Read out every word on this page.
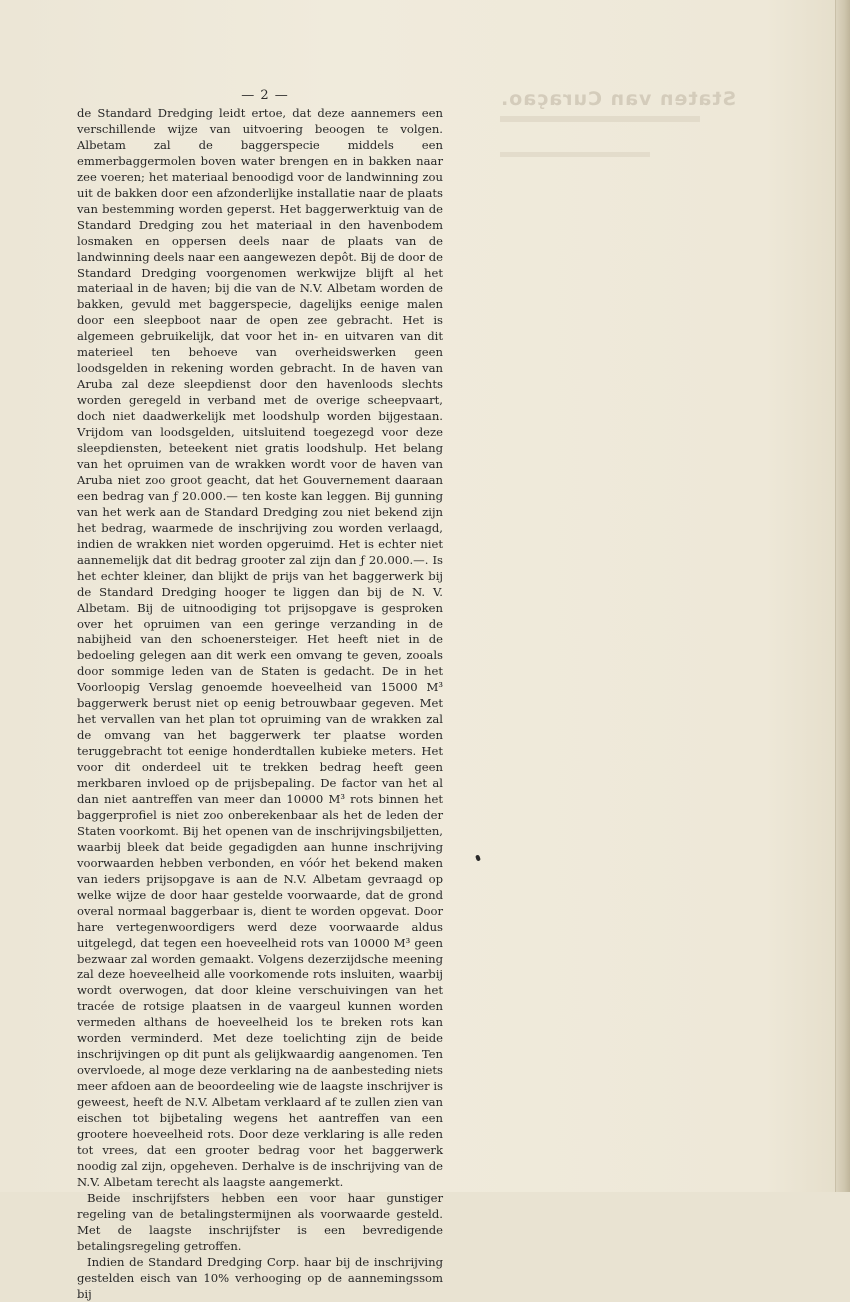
Staten van Curaçao.
— 2 —

de Standard Dredging leidt ertoe, dat deze aannemers een verschillende wijze van uitvoering beoogen te volgen. Albetam zal de baggerspecie middels een emmerbaggermolen boven water brengen en in bakken naar zee voeren; het materiaal benoodigd voor de landwinning zou uit de bakken door een afzonderlijke installatie naar de plaats van bestemming worden geperst. Het baggerwerktuig van de Standard Dredging zou het materiaal in den havenbodem losmaken en oppersen deels naar de plaats van de landwinning deels naar een aangewezen depôt. Bij de door de Standard Dredging voorgenomen werkwijze blijft al het materiaal in de haven; bij die van de N.V. Albetam worden de bakken, gevuld met baggerspecie, dagelijks eenige malen door een sleepboot naar de open zee gebracht. Het is algemeen gebruikelijk, dat voor het in- en uitvaren van dit materieel ten behoeve van overheidswerken geen loodsgelden in rekening worden gebracht. In de haven van Aruba zal deze sleepdienst door den havenloods slechts worden geregeld in verband met de overige scheepvaart, doch niet daadwerkelijk met loodshulp worden bijgestaan. Vrijdom van loodsgelden, uitsluitend toegezegd voor deze sleepdiensten, beteekent niet gratis loodshulp. Het belang van het opruimen van de wrakken wordt voor de haven van Aruba niet zoo groot geacht, dat het Gouvernement daaraan een bedrag van ƒ 20.000.— ten koste kan leggen. Bij gunning van het werk aan de Standard Dredging zou niet bekend zijn het bedrag, waarmede de inschrijving zou worden verlaagd, indien de wrakken niet worden opgeruimd. Het is echter niet aannemelijk dat dit bedrag grooter zal zijn dan ƒ 20.000.—. Is het echter kleiner, dan blijkt de prijs van het baggerwerk bij de Standard Dredging hooger te liggen dan bij de N. V. Albetam. Bij de uitnoodiging tot prijsopgave is gesproken over het opruimen van een geringe verzanding in de nabijheid van den schoenersteiger. Het heeft niet in de bedoeling gelegen aan dit werk een omvang te geven, zooals door sommige leden van de Staten is gedacht. De in het Voorloopig Verslag genoemde hoeveelheid van 15000 M³ baggerwerk berust niet op eenig betrouwbaar gegeven. Met het vervallen van het plan tot opruiming van de wrakken zal de omvang van het baggerwerk ter plaatse worden teruggebracht tot eenige honderdtallen kubieke meters. Het voor dit onderdeel uit te trekken bedrag heeft geen merkbaren invloed op de prijsbepaling. De factor van het al dan niet aantreffen van meer dan 10000 M³ rots binnen het baggerprofiel is niet zoo onberekenbaar als het de leden der Staten voorkomt. Bij het openen van de inschrijvingsbiljetten, waarbij bleek dat beide gegadigden aan hunne inschrijving voorwaarden hebben verbonden, en vóór het bekend maken van ieders prijsopgave is aan de N.V. Albetam gevraagd op welke wijze de door haar gestelde voorwaarde, dat de grond overal normaal baggerbaar is, dient te worden opgevat. Door hare vertegenwoordigers werd deze voorwaarde aldus uitgelegd, dat tegen een hoeveelheid rots van 10000 M³ geen bezwaar zal worden gemaakt. Volgens dezerzijdsche meening zal deze hoeveelheid alle voorkomende rots insluiten, waarbij wordt overwogen, dat door kleine verschuivingen van het tracée de rotsige plaatsen in de vaargeul kunnen worden vermeden althans de hoeveelheid los te breken rots kan worden verminderd. Met deze toelichting zijn de beide inschrijvingen op dit punt als gelijkwaardig aangenomen. Ten overvloede, al moge deze verklaring na de aanbesteding niets meer afdoen aan de beoordeeling wie de laagste inschrijver is geweest, heeft de N.V. Albetam verklaard af te zullen zien van eischen tot bijbetaling wegens het aantreffen van een grootere hoeveelheid rots. Door deze verklaring is alle reden tot vrees, dat een grooter bedrag voor het baggerwerk noodig zal zijn, opgeheven. Derhalve is de inschrijving van de N.V. Albetam terecht als laagste aangemerkt.

Beide inschrijfsters hebben een voor haar gunstiger regeling van de betalingstermijnen als voorwaarde gesteld. Met de laagste inschrijfster is een bevredigende betalingsregeling getroffen.

Indien de Standard Dredging Corp. haar bij de inschrijving gestelden eisch van 10% verhooging op de aannemingssom bij
